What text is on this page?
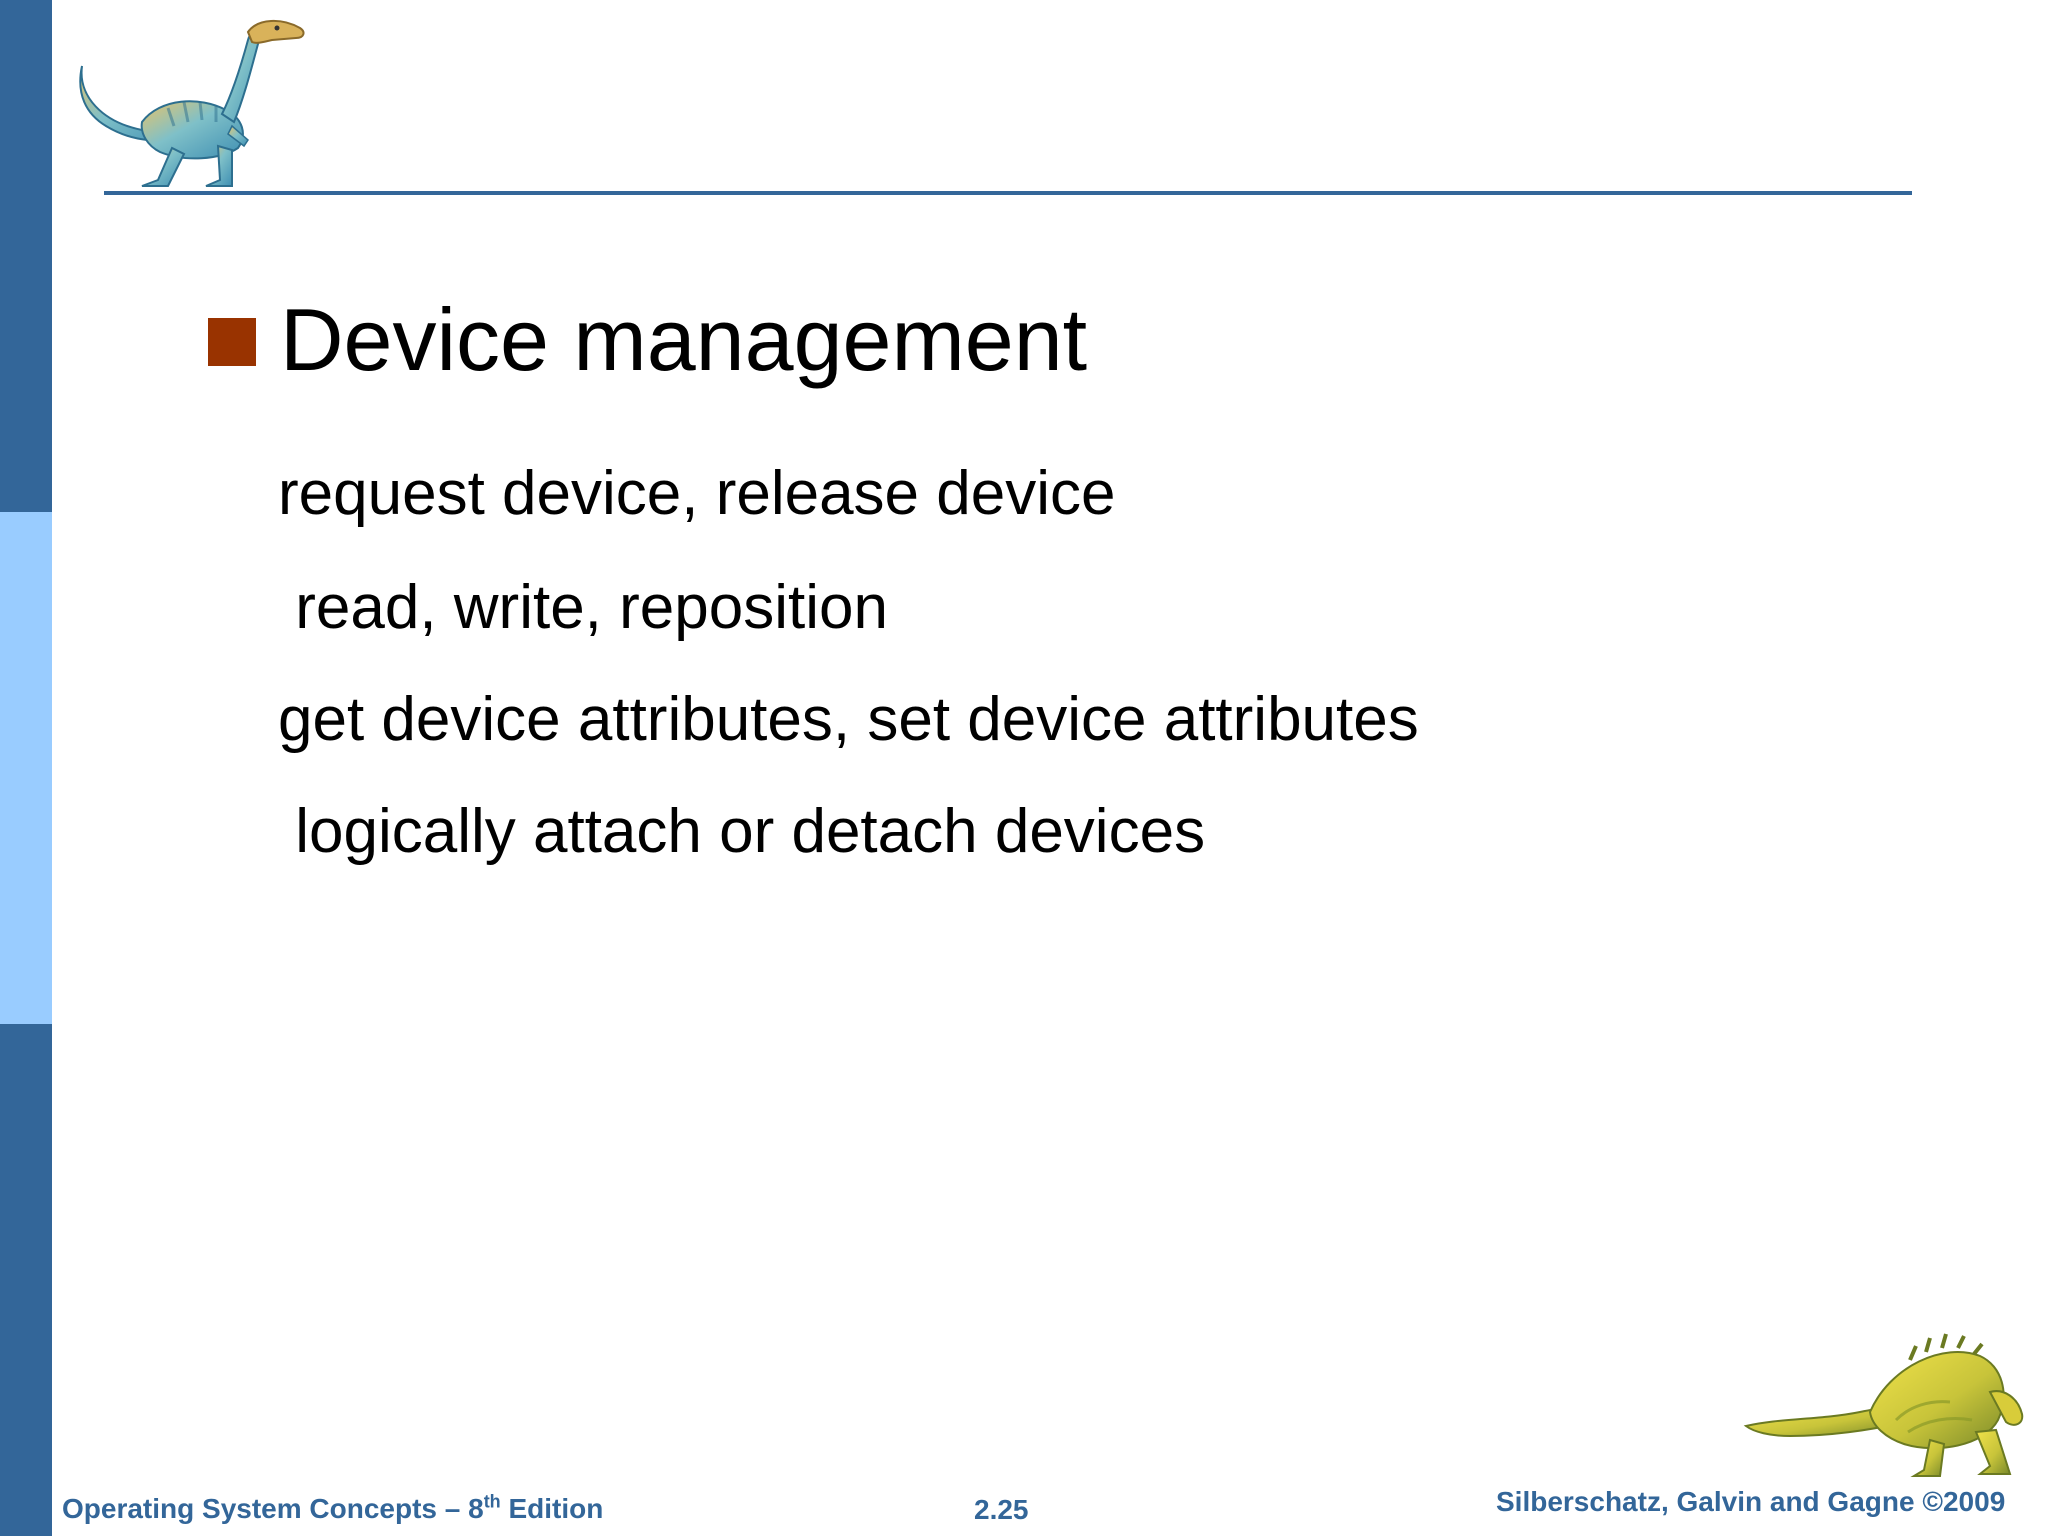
Device management
request device, release device
read, write, reposition
get device attributes, set device attributes
logically attach or detach devices
Operating System Concepts – 8th Edition	2.25	Silberschatz, Galvin and Gagne ©2009
